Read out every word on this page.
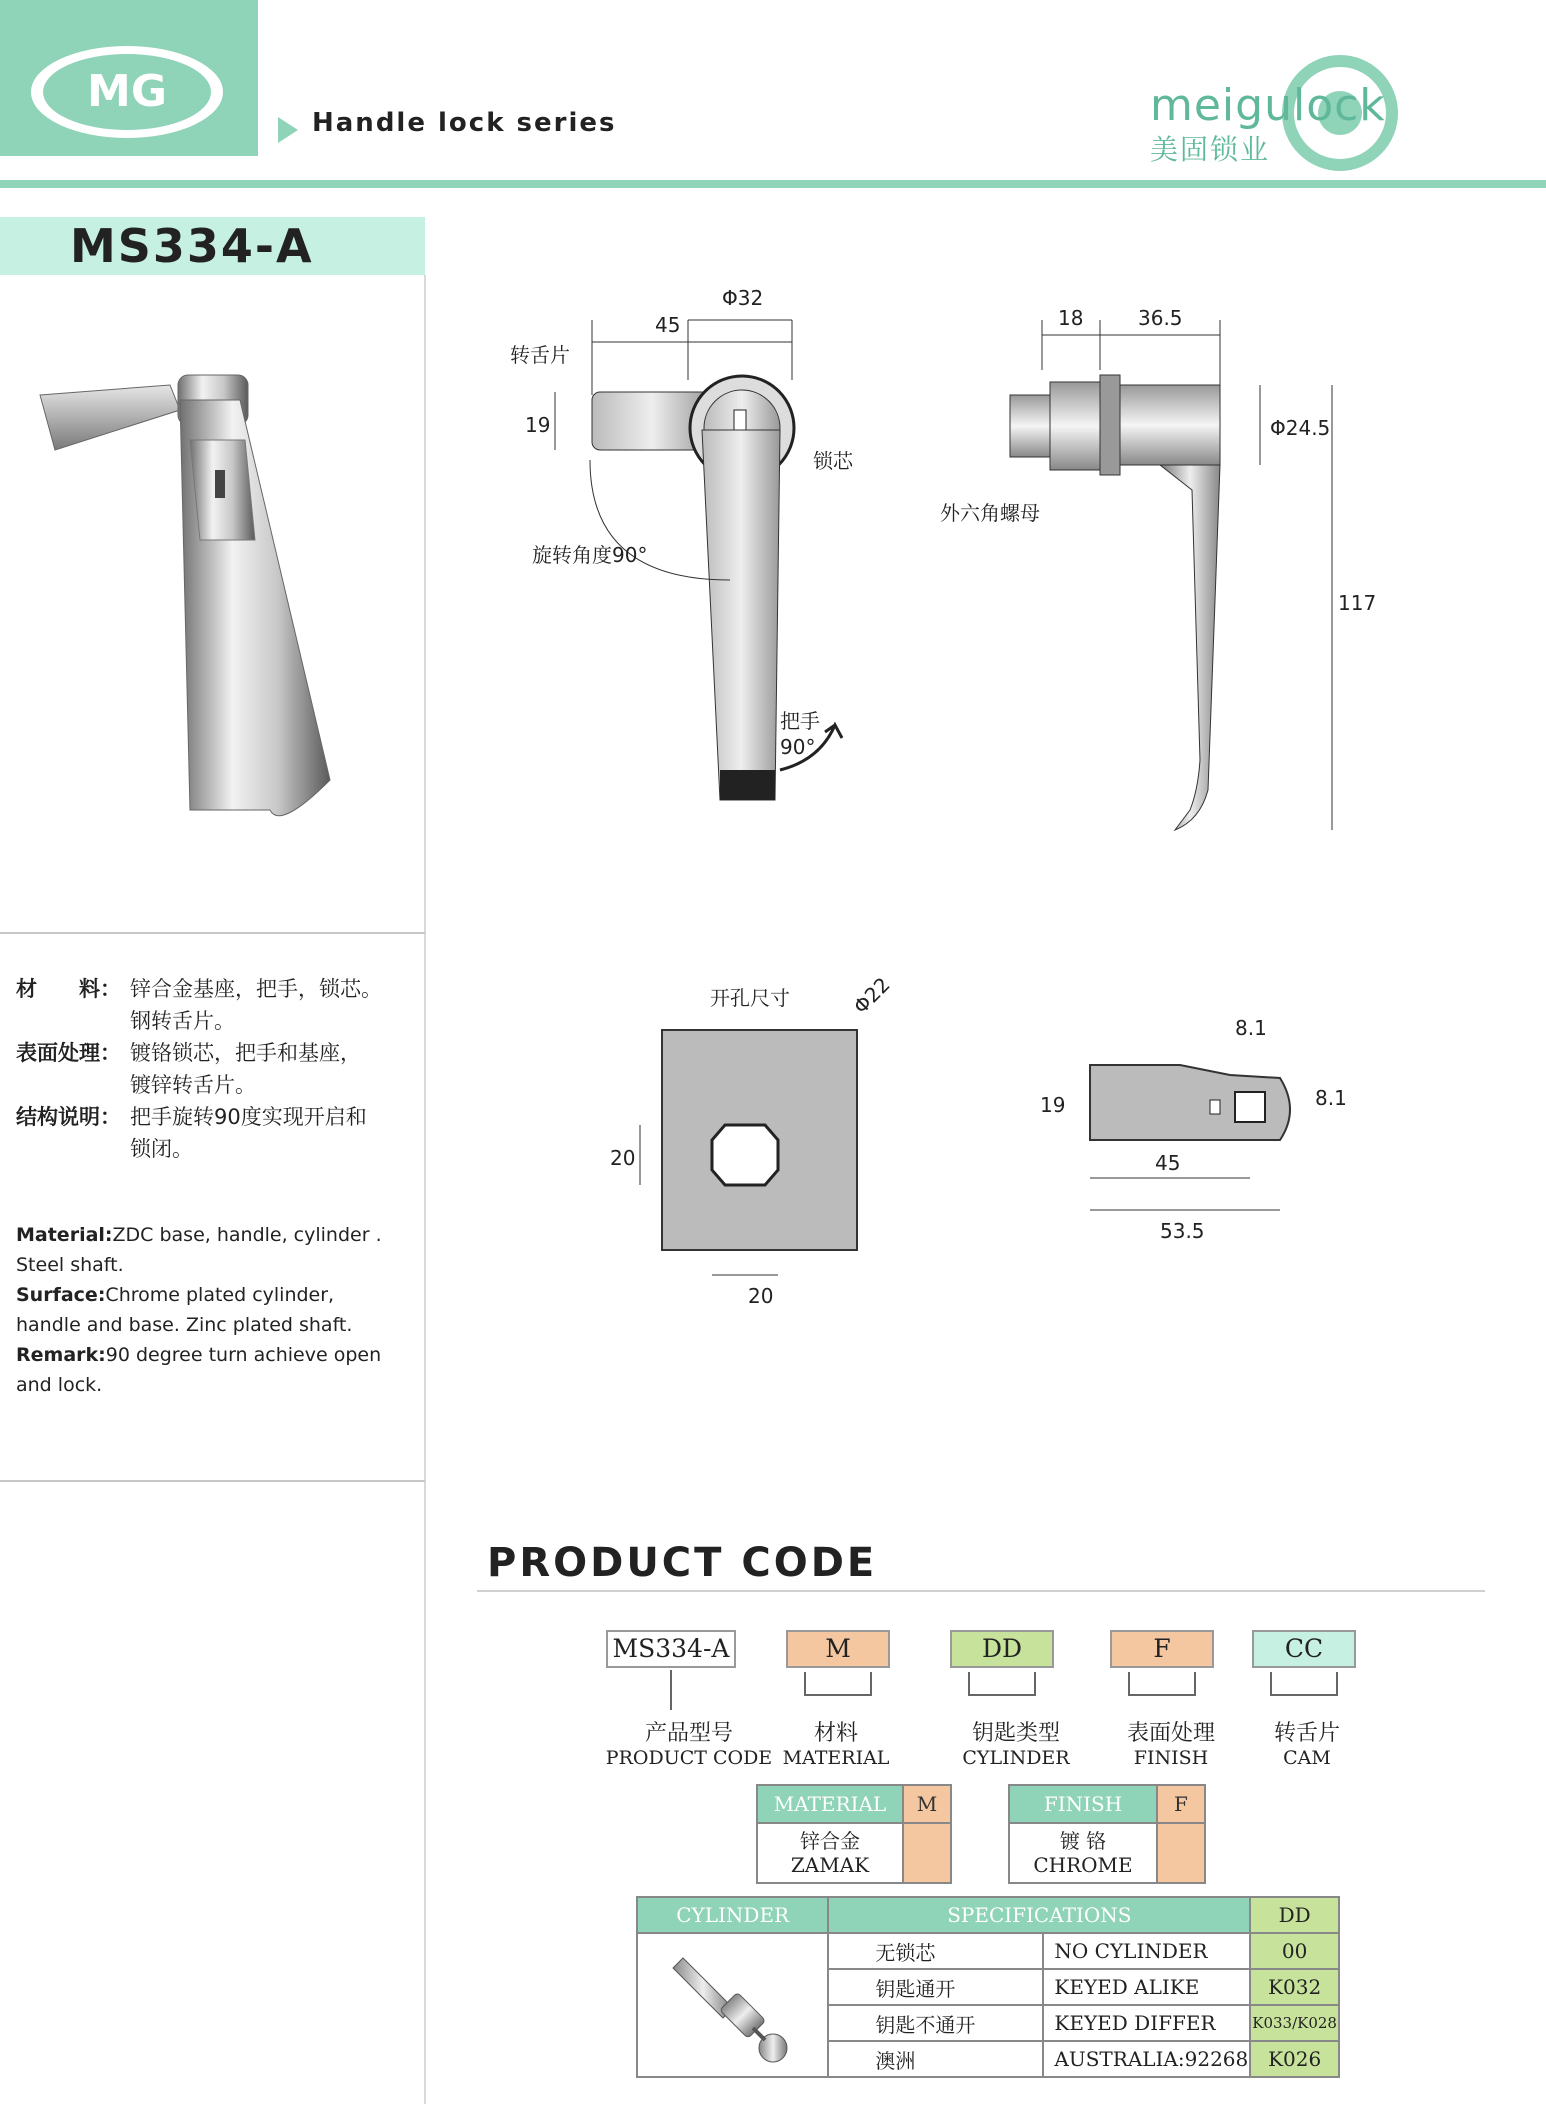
MG
Handle lock series	meigulock
美固锁业
MS334-A
45
Φ32
19
转舌片
锁芯
旋转角度90°
把手
90°
18	36.5
Φ24.5
117
外六角螺母
开孔尺寸	Φ22
20
20
8.1
8.1
19
45
53.5
材　　料： 锌合金基座，把手，锁芯。
钢转舌片。
表面处理： 镀铬锁芯，把手和基座，
镀锌转舌片。
结构说明： 把手旋转90度实现开启和
锁闭。
Material:ZDC base, handle, cylinder .
Steel shaft.
Surface:Chrome plated cylinder,
handle and base. Zinc plated shaft.
Remark:90 degree turn achieve open
and lock.
PRODUCT CODE
MS334-A	M	DD	F	CC
产品型号
PRODUCT CODE
材料
MATERIAL
钥匙类型
CYLINDER
表面处理
FINISH
转舌片
CAM
MATERIAL	M

锌合金
ZAMAK	

FINISH	F

镀 铬
CHROME	

CYLINDER	SPECIFICATIONS		DD
	无锁芯	NO CYLINDER	00
	钥匙通开	KEYED ALIKE	K032
	钥匙不通开	KEYED DIFFER	K033/K028
	澳洲	AUSTRALIA:92268	K026
